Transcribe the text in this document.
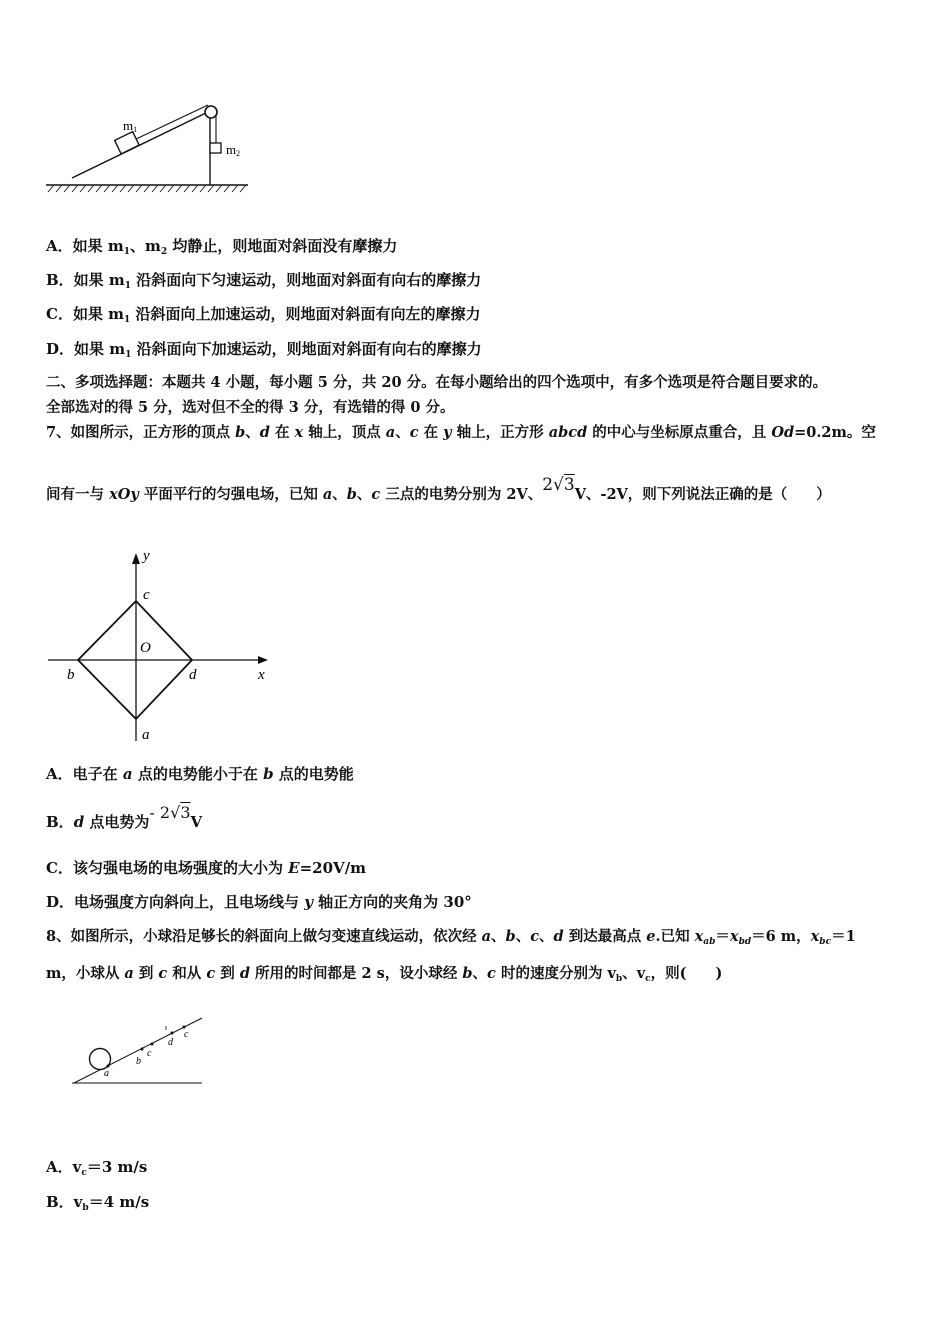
m1
m2
A．如果 $m_1$、$m_2$ 均静止，则地面对斜面没有摩擦力
B．如果 $m_1$ 沿斜面向下匀速运动，则地面对斜面有向右的摩擦力
C．如果 $m_1$ 沿斜面向上加速运动，则地面对斜面有向左的摩擦力
D．如果 $m_1$ 沿斜面向下加速运动，则地面对斜面有向右的摩擦力
二、多项选择题：本题共 4 小题，每小题 5 分，共 20 分。在每小题给出的四个选项中，有多个选项是符合题目要求的。
全部选对的得 5 分，选对但不全的得 3 分，有选错的得 0 分。
7、如图所示，正方形的顶点 b、d 在 x 轴上，顶点 a、c 在 y 轴上，正方形 abcd 的中心与坐标原点重合，且 Od=0.2m。空
间有一与 xOy 平面平行的匀强电场，已知 a、b、c 三点的电势分别为 2V、2√3V、-2V，则下列说法正确的是（　　）
y
x
c
O
b	d
a
A．电子在 a 点的电势能小于在 b 点的电势能
B．d 点电势为- 2√3V
C．该匀强电场的电场强度的大小为 E=20V/m
D．电场强度方向斜向上，且电场线与 y 轴正方向的夹角为 30°
8、如图所示，小球沿足够长的斜面向上做匀变速直线运动，依次经 a、b、c、d 到达最高点 e.已知 $x_{ab}=x_{bd}=6$ m，$x_{bc}=1$
m，小球从 a 到 c 和从 c 到 d 所用的时间都是 2 s，设小球经 b、c 时的速度分别为 $v_b$、$v_c$，则(　　)
a
b
c
d
c
A．$v_c=3$ m/s
B．$v_b=4$ m/s
